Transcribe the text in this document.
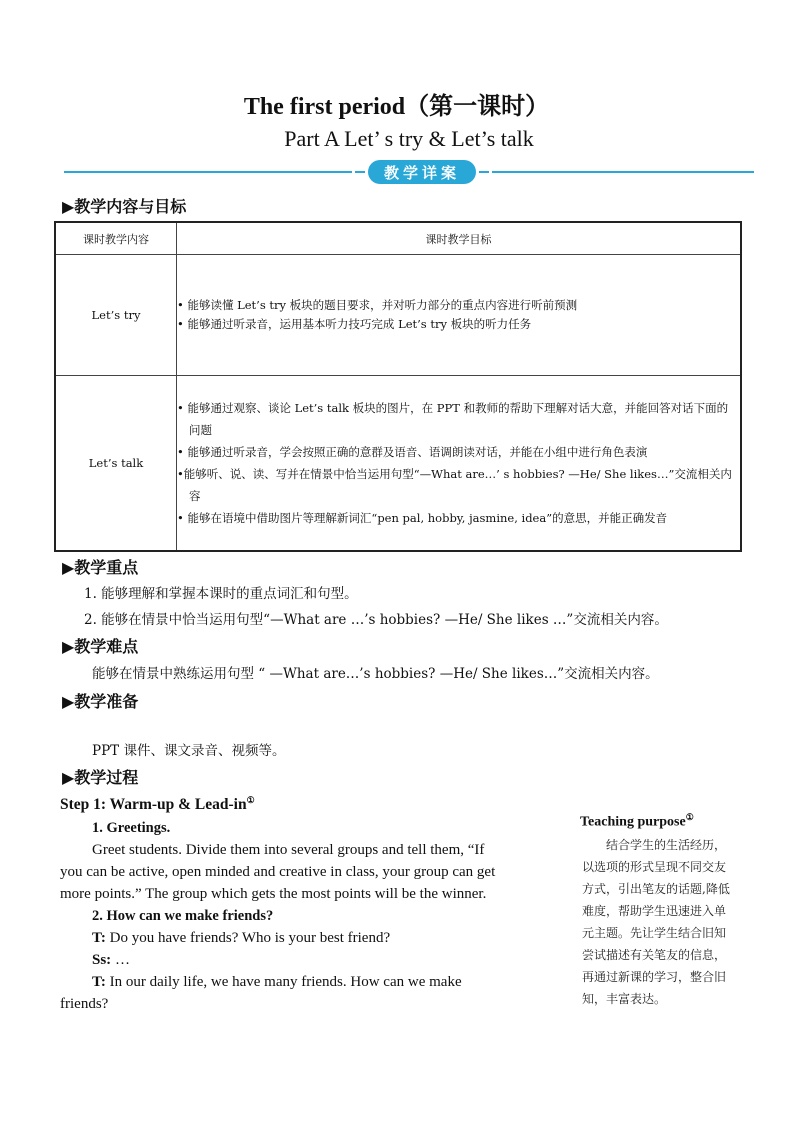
The first period（第一课时）
Part A Let’ s try & Let’s talk
教学详案
▶教学内容与目标
课时教学内容	课时教学目标
Let’s try	• 能够读懂 Let’s try 板块的题目要求，并对听力部分的重点内容进行听前预测
• 能够通过听录音，运用基本听力技巧完成 Let’s try 板块的听力任务

Let’s talk	• 能够通过观察、谈论 Let’s talk 板块的图片，在 PPT 和教师的帮助下理解对话大意，并能回答对话下面的问题
• 能够通过听录音，学会按照正确的意群及语音、语调朗读对话，并能在小组中进行角色表演
•能够听、说、读、写并在情景中恰当运用句型“—What are…’ s hobbies? —He/ She likes…”交流相关内容
• 能够在语境中借助图片等理解新词汇“pen pal, hobby, jasmine, idea”的意思，并能正确发音
▶教学重点
1. 能够理解和掌握本课时的重点词汇和句型。
2. 能够在情景中恰当运用句型“—What are …’s hobbies? —He/ She likes …”交流相关内容。
▶教学难点
能够在情景中熟练运用句型 “ —What are…’s hobbies? —He/ She likes…”交流相关内容。
▶教学准备
PPT 课件、课文录音、视频等。
▶教学过程
Step 1: Warm-up & Lead-in①
1. Greetings.
Greet students. Divide them into several groups and tell them, “If
you can be active, open minded and creative in class, your group can get
more points.” The group which gets the most points will be the winner.
2. How can we make friends?
T: Do you have friends? Who is your best friend?
Ss: …
T: In our daily life, we have many friends. How can we make
friends?
Teaching purpose①
结合学生的生活经历，
以选项的形式呈现不同交友
方式，引出笔友的话题,降低
难度，帮助学生迅速进入单
元主题。先让学生结合旧知
尝试描述有关笔友的信息，
再通过新课的学习，整合旧
知，丰富表达。
